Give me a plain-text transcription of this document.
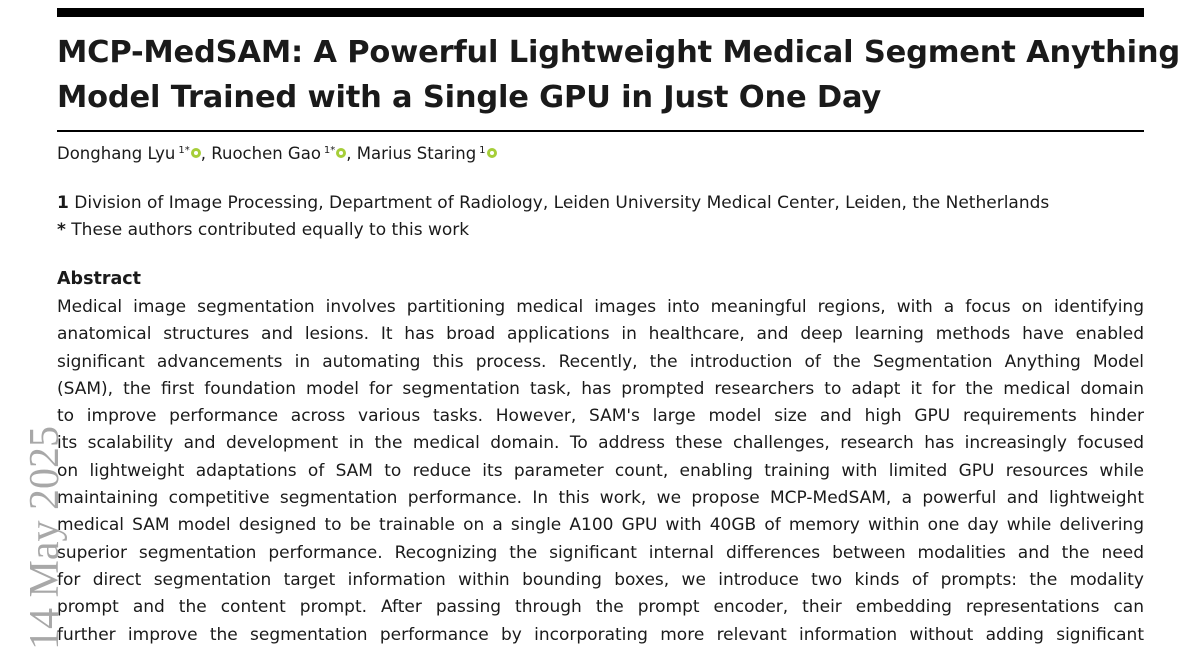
MCP-MedSAM: A Powerful Lightweight Medical Segment Anything
Model Trained with a Single GPU in Just One Day
Donghang Lyu $^{1*}$ , Ruochen Gao $^{1*}$ , Marius Staring $^1$
1 Division of Image Processing, Department of Radiology, Leiden University Medical Center, Leiden, the Netherlands
* These authors contributed equally to this work
Abstract
Medical image segmentation involves partitioning medical images into meaningful regions, with a focus on identifying
anatomical structures and lesions. It has broad applications in healthcare, and deep learning methods have enabled
significant advancements in automating this process. Recently, the introduction of the Segmentation Anything Model
(SAM), the first foundation model for segmentation task, has prompted researchers to adapt it for the medical domain
to improve performance across various tasks. However, SAM's large model size and high GPU requirements hinder
its scalability and development in the medical domain. To address these challenges, research has increasingly focused
on lightweight adaptations of SAM to reduce its parameter count, enabling training with limited GPU resources while
maintaining competitive segmentation performance. In this work, we propose MCP-MedSAM, a powerful and lightweight
medical SAM model designed to be trainable on a single A100 GPU with 40GB of memory within one day while delivering
superior segmentation performance. Recognizing the significant internal differences between modalities and the need
for direct segmentation target information within bounding boxes, we introduce two kinds of prompts: the modality
prompt and the content prompt. After passing through the prompt encoder, their embedding representations can
further improve the segmentation performance by incorporating more relevant information without adding significant
14 May 2025
